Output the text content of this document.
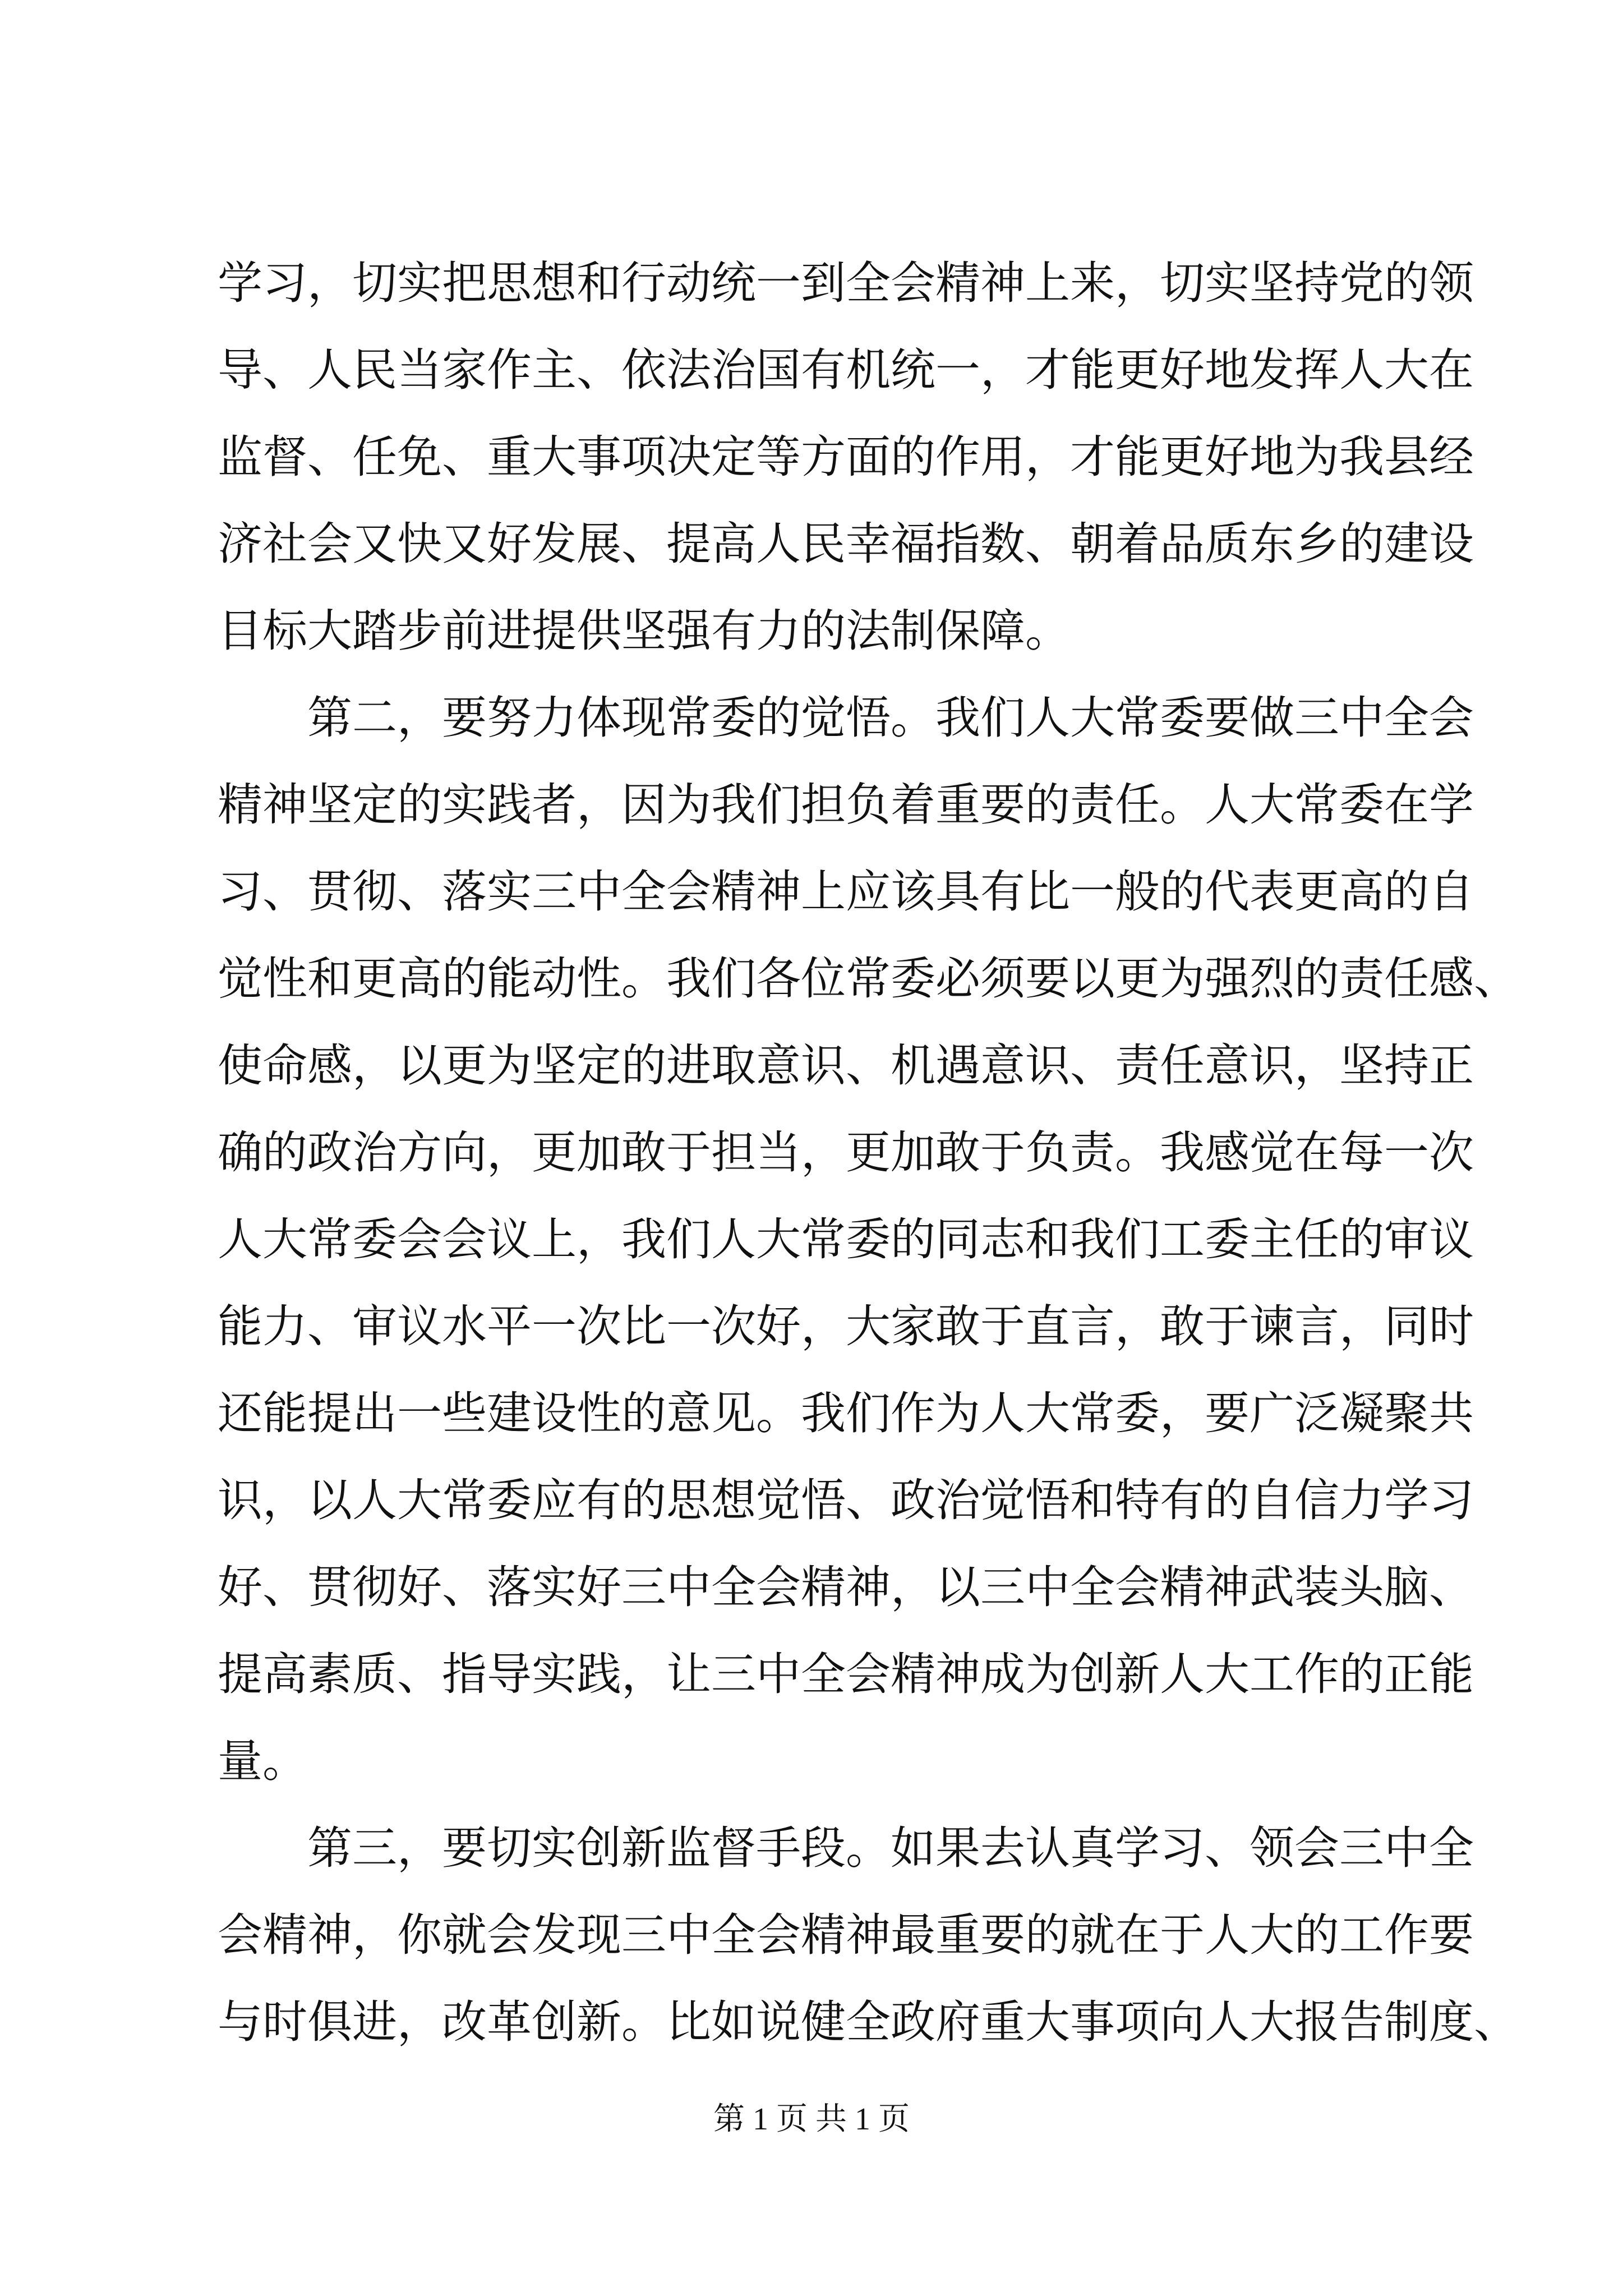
学习，切实把思想和行动统一到全会精神上来，切实坚持党的领
导、人民当家作主、依法治国有机统一，才能更好地发挥人大在
监督、任免、重大事项决定等方面的作用，才能更好地为我县经
济社会又快又好发展、提高人民幸福指数、朝着品质东乡的建设
目标大踏步前进提供坚强有力的法制保障。
第二，要努力体现常委的觉悟。我们人大常委要做三中全会
精神坚定的实践者，因为我们担负着重要的责任。人大常委在学
习、贯彻、落实三中全会精神上应该具有比一般的代表更高的自
觉性和更高的能动性。我们各位常委必须要以更为强烈的责任感、
使命感，以更为坚定的进取意识、机遇意识、责任意识，坚持正
确的政治方向，更加敢于担当，更加敢于负责。我感觉在每一次
人大常委会会议上，我们人大常委的同志和我们工委主任的审议
能力、审议水平一次比一次好，大家敢于直言，敢于谏言，同时
还能提出一些建设性的意见。我们作为人大常委，要广泛凝聚共
识，以人大常委应有的思想觉悟、政治觉悟和特有的自信力学习
好、贯彻好、落实好三中全会精神，以三中全会精神武装头脑、
提高素质、指导实践，让三中全会精神成为创新人大工作的正能
量。
第三，要切实创新监督手段。如果去认真学习、领会三中全
会精神，你就会发现三中全会精神最重要的就在于人大的工作要
与时俱进，改革创新。比如说健全政府重大事项向人大报告制度、
第 1 页 共 1 页
